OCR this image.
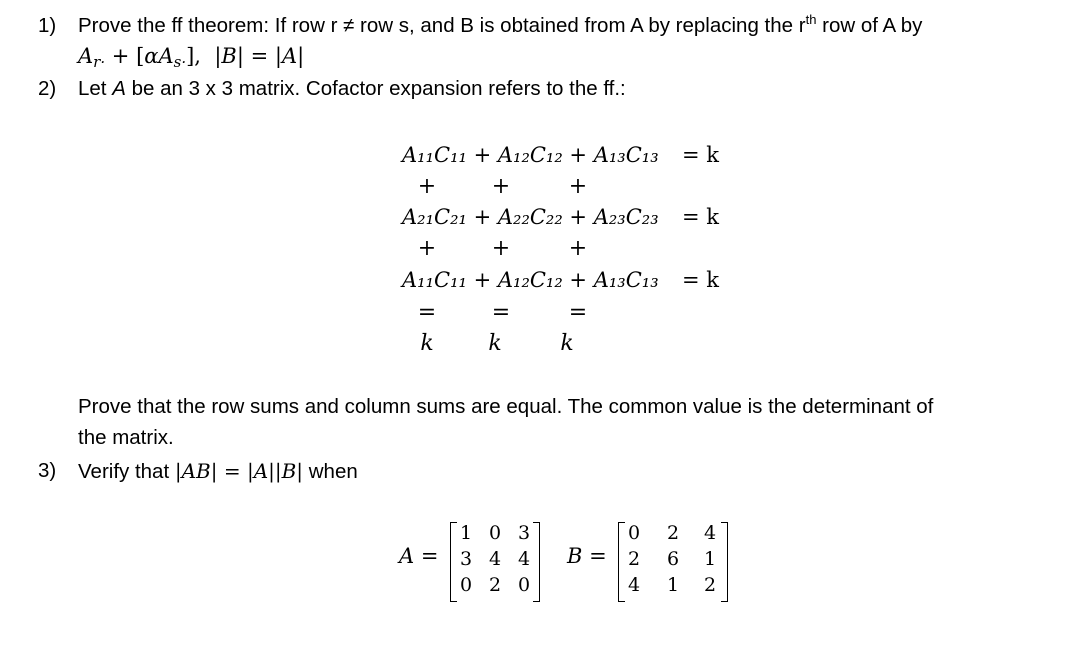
1) Prove the ff theorem: If row r ≠ row s, and B is obtained from A by replacing the $r^{th}$ row of A by
$A_{r\cdot} + [\alpha A_{s\cdot}]$, |B| = |A|
2) Let A be an 3 x 3 matrix. Cofactor expansion refers to the ff.:
A₁₁C₁₁ + A₁₂C₁₂ + A₁₃C₁₃ = k
+	+	+
A₂₁C₂₁ + A₂₂C₂₂ + A₂₃C₂₃ = k
+	+	+
A₁₁C₁₁ + A₁₂C₁₂ + A₁₃C₁₃ = k
=	=	=
k	k	k
Prove that the row sums and column sums are equal. The common value is the determinant of
the matrix.
3) Verify that |AB| = |A||B| when
A =
1 0 3
3 4 4
0 2 0
B =
0	2	4
2	6	1
4	1	2
